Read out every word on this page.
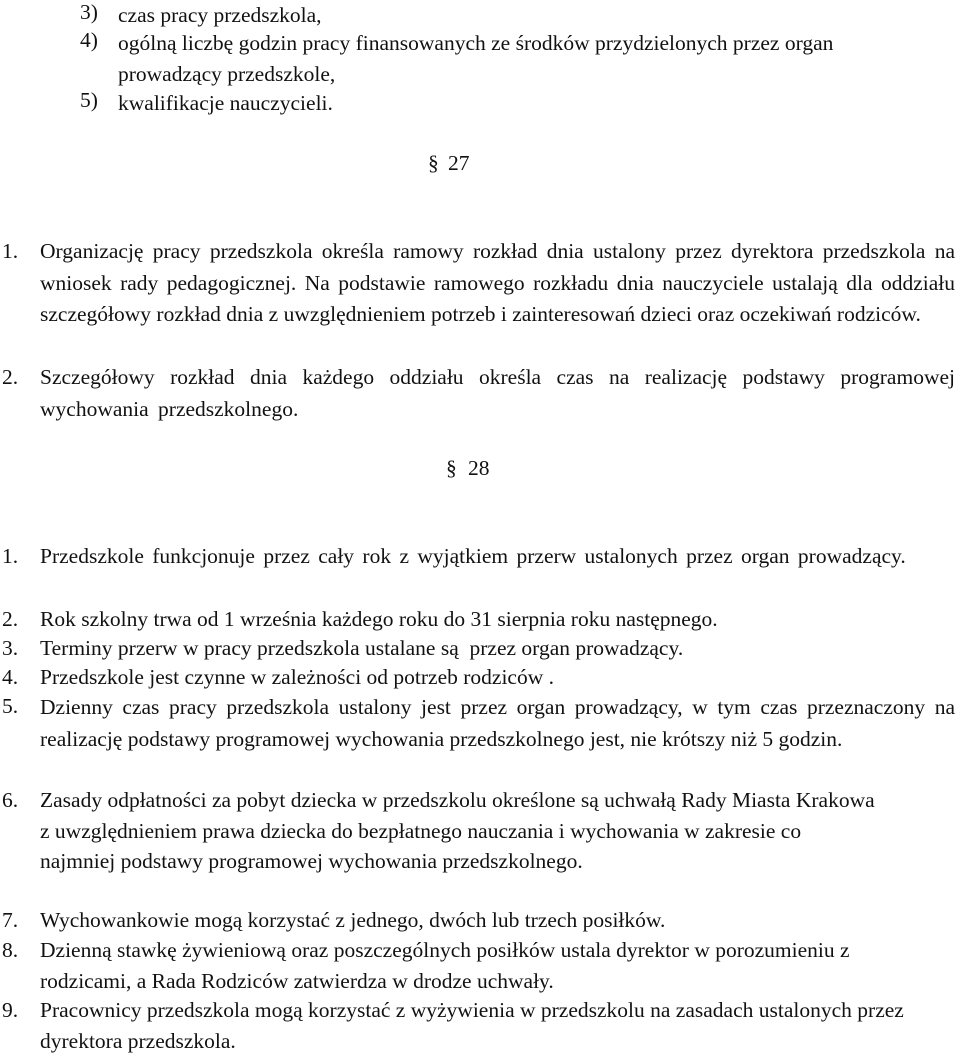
3) czas pracy przedszkola,
4) ogólną liczbę godzin pracy finansowanych ze środków przydzielonych przez organ prowadzący przedszkole,
5) kwalifikacje nauczycieli.
§ 27
1. Organizację pracy przedszkola określa ramowy rozkład dnia ustalony przez dyrektora przedszkola na wniosek rady pedagogicznej. Na podstawie ramowego rozkładu dnia nauczyciele ustalają dla oddziału szczegółowy rozkład dnia z uwzględnieniem potrzeb i zainteresowań dzieci oraz oczekiwań rodziców.
2. Szczegółowy rozkład dnia każdego oddziału określa czas na realizację podstawy programowej wychowania przedszkolnego.
§ 28
1. Przedszkole funkcjonuje przez cały rok z wyjątkiem przerw ustalonych przez organ prowadzący.
2. Rok szkolny trwa od 1 września każdego roku do 31 sierpnia roku następnego.
3. Terminy przerw w pracy przedszkola ustalane są  przez organ prowadzący.
4. Przedszkole jest czynne w zależności od potrzeb rodziców .
5. Dzienny czas pracy przedszkola ustalony jest przez organ prowadzący, w tym czas przeznaczony na realizację podstawy programowej wychowania przedszkolnego jest, nie krótszy niż 5 godzin.
6. Zasady odpłatności za pobyt dziecka w przedszkolu określone są uchwałą Rady Miasta Krakowa z uwzględnieniem prawa dziecka do bezpłatnego nauczania i wychowania w zakresie co najmniej podstawy programowej wychowania przedszkolnego.
7. Wychowankowie mogą korzystać z jednego, dwóch lub trzech posiłków.
8. Dzienną stawkę żywieniową oraz poszczególnych posiłków ustala dyrektor w porozumieniu z rodzicami, a Rada Rodziców zatwierdza w drodze uchwały.
9. Pracownicy przedszkola mogą korzystać z wyżywienia w przedszkolu na zasadach ustalonych przez dyrektora przedszkola.
